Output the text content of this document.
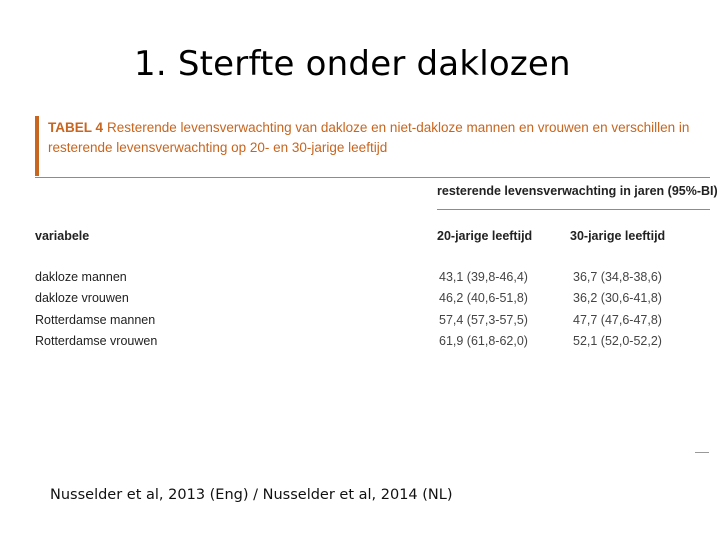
1. Sterfte onder daklozen
TABEL 4 Resterende levensverwachting van dakloze en niet-dakloze mannen en vrouwen en verschillen in resterende levensverwachting op 20- en 30-jarige leeftijd
resterende levensverwachting in jaren (95%-BI)
variabele	20-jarige leeftijd	30-jarige leeftijd
dakloze mannen	43,1 (39,8-46,4)	36,7 (34,8-38,6)
dakloze vrouwen	46,2 (40,6-51,8)	36,2 (30,6-41,8)
Rotterdamse mannen	57,4 (57,3-57,5)	47,7 (47,6-47,8)
Rotterdamse vrouwen	61,9 (61,8-62,0)	52,1 (52,0-52,2)
Nusselder et al, 2013 (Eng) / Nusselder et al, 2014 (NL)
